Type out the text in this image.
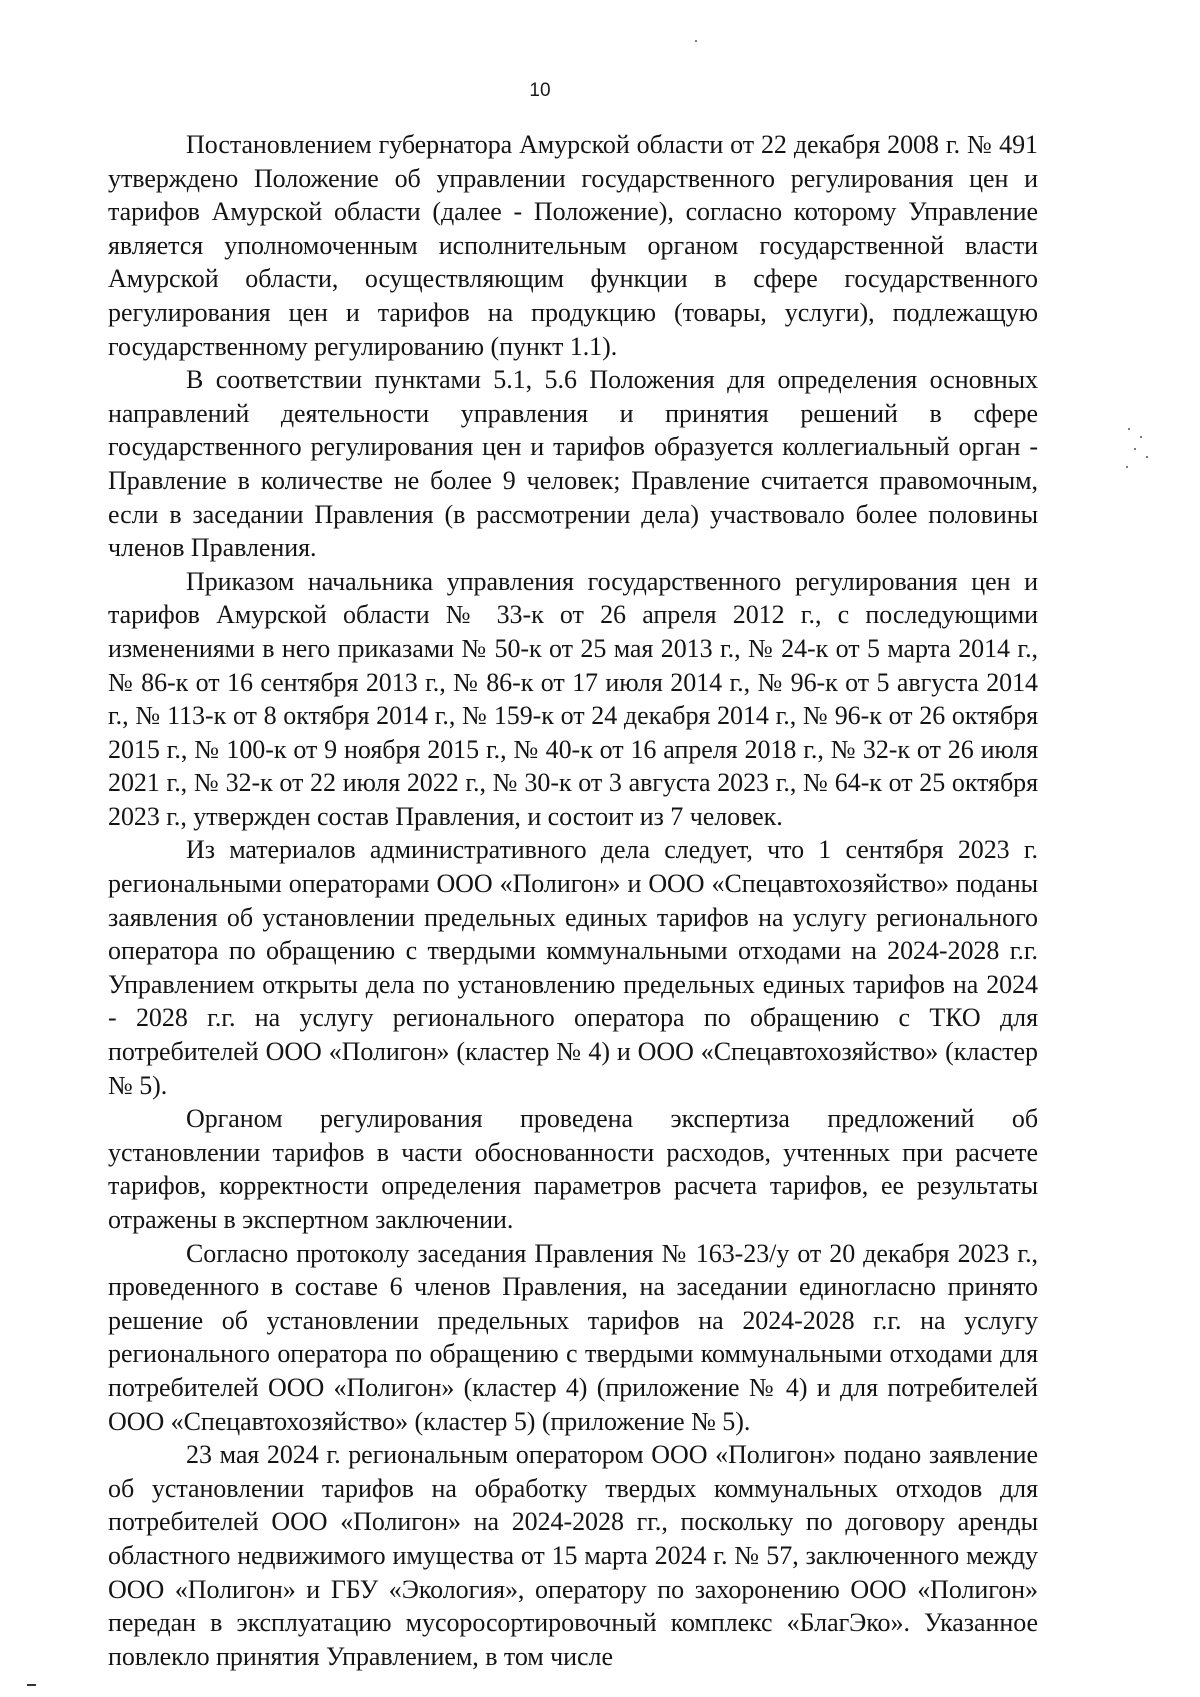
10

Постановлением губернатора Амурской области от 22 декабря 2008 г. № 491 утверждено Положение об управлении государственного регулирования цен и тарифов Амурской области (далее - Положение), согласно которому Управление является уполномоченным исполнительным органом государственной власти Амурской области, осуществляющим функции в сфере государственного регулирования цен и тарифов на продукцию (товары, услуги), подлежащую государственному регулированию (пункт 1.1).

В соответствии пунктами 5.1, 5.6 Положения для определения основных направлений деятельности управления и принятия решений в сфере государственного регулирования цен и тарифов образуется коллегиальный орган - Правление в количестве не более 9 человек; Правление считается правомочным, если в заседании Правления (в рассмотрении дела) участвовало более половины членов Правления.

Приказом начальника управления государственного регулирования цен и тарифов Амурской области № 33-к от 26 апреля 2012 г., с последующими изменениями в него приказами № 50-к от 25 мая 2013 г., № 24-к от 5 марта 2014 г., № 86-к от 16 сентября 2013 г., № 86-к от 17 июля 2014 г., № 96-к от 5 августа 2014 г., № 113-к от 8 октября 2014 г., № 159-к от 24 декабря 2014 г., № 96-к от 26 октября 2015 г., № 100-к от 9 ноября 2015 г., № 40-к от 16 апреля 2018 г., № 32-к от 26 июля 2021 г., № 32-к от 22 июля 2022 г., № 30-к от 3 августа 2023 г., № 64-к от 25 октября 2023 г., утвержден состав Правления, и состоит из 7 человек.

Из материалов административного дела следует, что 1 сентября 2023 г. региональными операторами ООО «Полигон» и ООО «Спецавтохозяйство» поданы заявления об установлении предельных единых тарифов на услугу регионального оператора по обращению с твердыми коммунальными отходами на 2024-2028 г.г. Управлением открыты дела по установлению предельных единых тарифов на 2024 - 2028 г.г. на услугу регионального оператора по обращению с ТКО для потребителей ООО «Полигон» (кластер № 4) и ООО «Спецавтохозяйство» (кластер № 5).

Органом регулирования проведена экспертиза предложений об установлении тарифов в части обоснованности расходов, учтенных при расчете тарифов, корректности определения параметров расчета тарифов, ее результаты отражены в экспертном заключении.

Согласно протоколу заседания Правления № 163-23/у от 20 декабря 2023 г., проведенного в составе 6 членов Правления, на заседании единогласно принято решение об установлении предельных тарифов на 2024-2028 г.г. на услугу регионального оператора по обращению с твердыми коммунальными отходами для потребителей ООО «Полигон» (кластер 4) (приложение № 4) и для потребителей ООО «Спецавтохозяйство» (кластер 5) (приложение № 5).

23 мая 2024 г. региональным оператором ООО «Полигон» подано заявление об установлении тарифов на обработку твердых коммунальных отходов для потребителей ООО «Полигон» на 2024-2028 гг., поскольку по договору аренды областного недвижимого имущества от 15 марта 2024 г. № 57, заключенного между ООО «Полигон» и ГБУ «Экология», оператору по захоронению ООО «Полигон» передан в эксплуатацию мусоросортировочный комплекс «БлагЭко». Указанное повлекло принятия Управлением, в том числе
